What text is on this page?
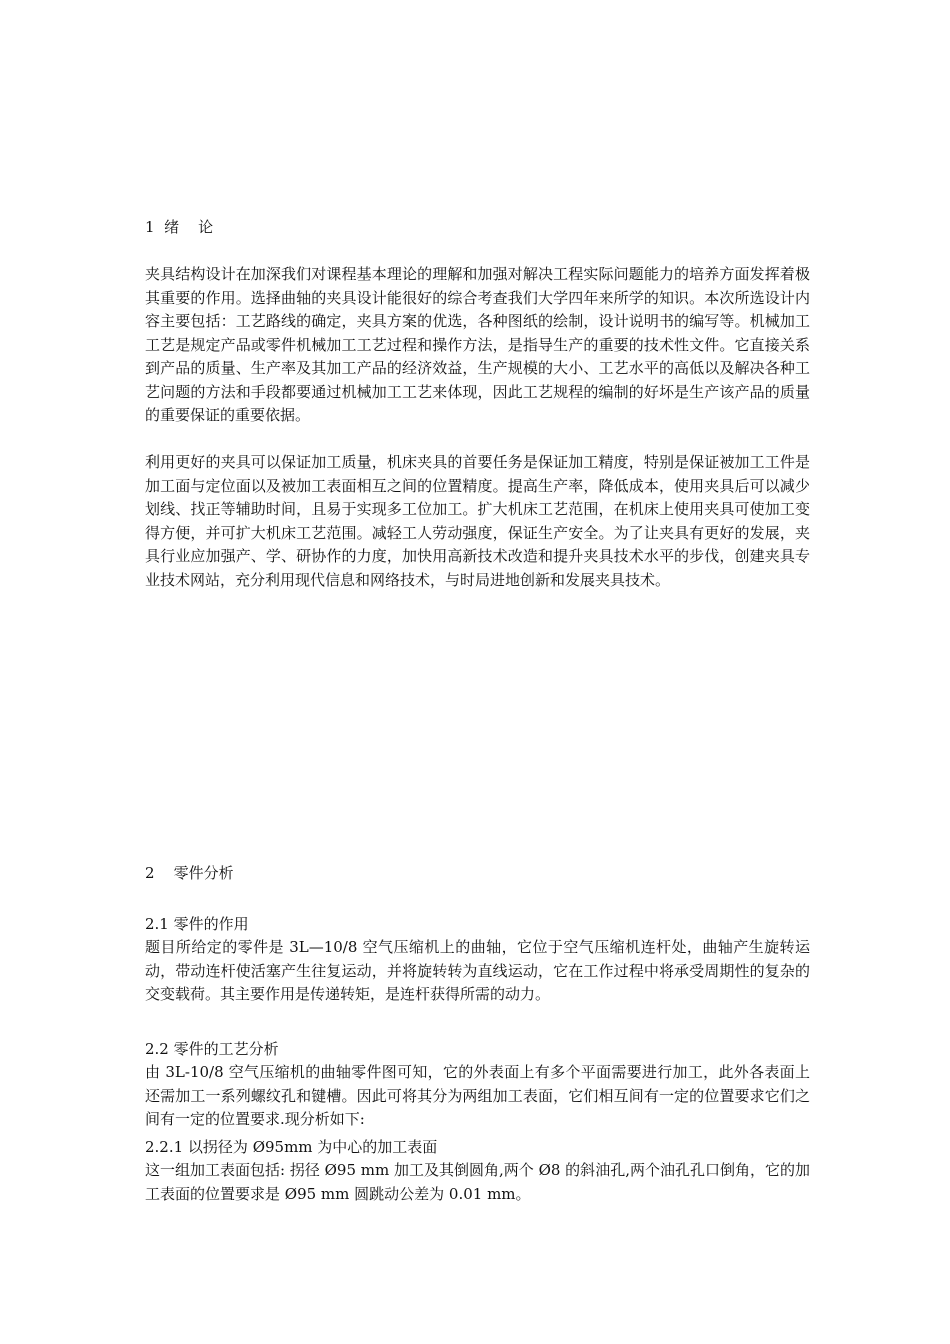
1  绪    论

夹具结构设计在加深我们对课程基本理论的理解和加强对解决工程实际问题能力的培养方面发挥着极其重要的作用。选择曲轴的夹具设计能很好的综合考查我们大学四年来所学的知识。本次所选设计内容主要包括：工艺路线的确定，夹具方案的优选，各种图纸的绘制，设计说明书的编写等。机械加工工艺是规定产品或零件机械加工工艺过程和操作方法，是指导生产的重要的技术性文件。它直接关系到产品的质量、生产率及其加工产品的经济效益，生产规模的大小、工艺水平的高低以及解决各种工艺问题的方法和手段都要通过机械加工工艺来体现，因此工艺规程的编制的好坏是生产该产品的质量的重要保证的重要依据。

利用更好的夹具可以保证加工质量，机床夹具的首要任务是保证加工精度，特别是保证被加工工件是加工面与定位面以及被加工表面相互之间的位置精度。提高生产率，降低成本，使用夹具后可以减少划线、找正等辅助时间，且易于实现多工位加工。扩大机床工艺范围，在机床上使用夹具可使加工变得方便，并可扩大机床工艺范围。减轻工人劳动强度，保证生产安全。为了让夹具有更好的发展，夹具行业应加强产、学、研协作的力度，加快用高新技术改造和提升夹具技术水平的步伐，创建夹具专业技术网站，充分利用现代信息和网络技术，与时局进地创新和发展夹具技术。

2    零件分析
2.1 零件的作用

题目所给定的零件是 3L—10/8 空气压缩机上的曲轴，它位于空气压缩机连杆处，曲轴产生旋转运动，带动连杆使活塞产生往复运动，并将旋转转为直线运动，它在工作过程中将承受周期性的复杂的交变载荷。其主要作用是传递转矩，是连杆获得所需的动力。

2.2 零件的工艺分析

由 3L-10/8 空气压缩机的曲轴零件图可知，它的外表面上有多个平面需要进行加工，此外各表面上还需加工一系列螺纹孔和键槽。因此可将其分为两组加工表面，它们相互间有一定的位置要求它们之间有一定的位置要求.现分析如下:

2.2.1 以拐径为 Ø95mm 为中心的加工表面

这一组加工表面包括: 拐径 Ø95 mm 加工及其倒圆角,两个 Ø8 的斜油孔,两个油孔孔口倒角，它的加工表面的位置要求是 Ø95 mm 圆跳动公差为 0.01 mm。
